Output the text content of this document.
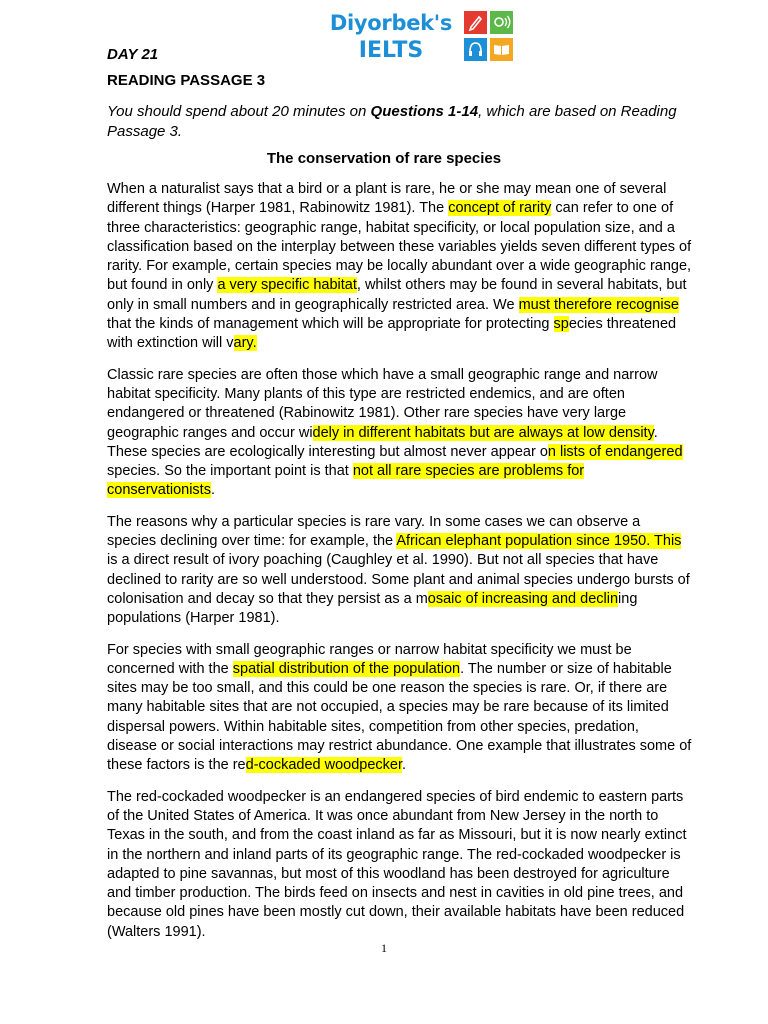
Diyorbek's
IELTS
DAY 21
READING PASSAGE 3
You should spend about 20 minutes on Questions 1-14, which are based on Reading Passage 3.
The conservation of rare species
When a naturalist says that a bird or a plant is rare, he or she may mean one of several
different things (Harper 1981, Rabinowitz 1981). The concept of rarity can refer to one of
three characteristics: geographic range, habitat specificity, or local population size, and a
classification based on the interplay between these variables yields seven different types of
rarity. For example, certain species may be locally abundant over a wide geographic range,
but found in only a very specific habitat, whilst others may be found in several habitats, but
only in small numbers and in geographically restricted area. We must therefore recognise
that the kinds of management which will be appropriate for protecting species threatened
with extinction will vary.
Classic rare species are often those which have a small geographic range and narrow
habitat specificity. Many plants of this type are restricted endemics, and are often
endangered or threatened (Rabinowitz 1981). Other rare species have very large
geographic ranges and occur widely in different habitats but are always at low density.
These species are ecologically interesting but almost never appear on lists of endangered
species. So the important point is that not all rare species are problems for
conservationists.
The reasons why a particular species is rare vary. In some cases we can observe a
species declining over time: for example, the African elephant population since 1950. This
is a direct result of ivory poaching (Caughley et al. 1990). But not all species that have
declined to rarity are so well understood. Some plant and animal species undergo bursts of
colonisation and decay so that they persist as a mosaic of increasing and declining
populations (Harper 1981).
For species with small geographic ranges or narrow habitat specificity we must be
concerned with the spatial distribution of the population. The number or size of habitable
sites may be too small, and this could be one reason the species is rare. Or, if there are
many habitable sites that are not occupied, a species may be rare because of its limited
dispersal powers. Within habitable sites, competition from other species, predation,
disease or social interactions may restrict abundance. One example that illustrates some of
these factors is the red-cockaded woodpecker.
The red-cockaded woodpecker is an endangered species of bird endemic to eastern parts
of the United States of America. It was once abundant from New Jersey in the north to
Texas in the south, and from the coast inland as far as Missouri, but it is now nearly extinct
in the northern and inland parts of its geographic range. The red-cockaded woodpecker is
adapted to pine savannas, but most of this woodland has been destroyed for agriculture
and timber production. The birds feed on insects and nest in cavities in old pine trees, and
because old pines have been mostly cut down, their available habitats have been reduced
(Walters 1991).
1
